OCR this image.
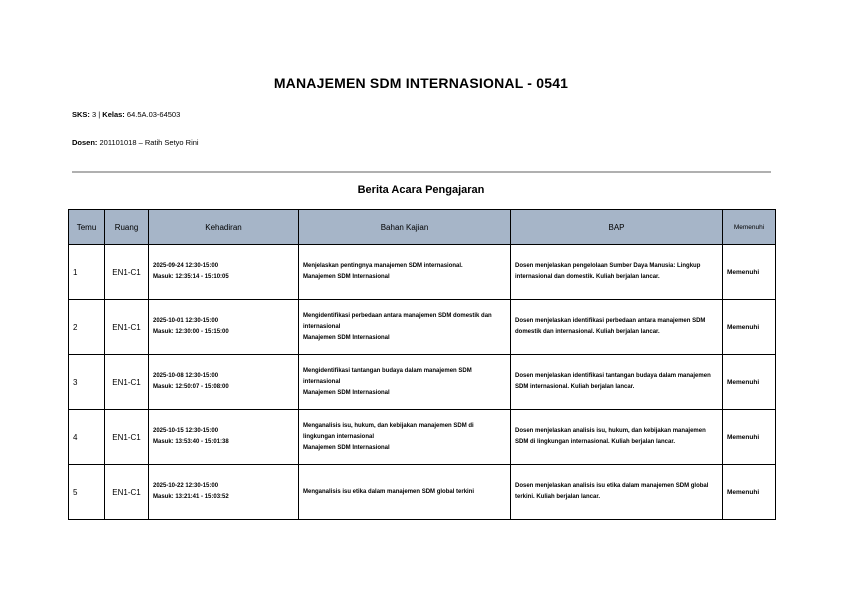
MANAJEMEN SDM INTERNASIONAL - 0541
SKS: 3 | Kelas: 64.5A.03-64503
Dosen: 201101018 – Ratih Setyo Rini
Berita Acara Pengajaran
Temu	Ruang	Kehadiran	Bahan Kajian	BAP	Memenuhi
1	EN1-C1	2025-09-24 12:30-15:00
Masuk: 12:35:14 - 15:10:05	Menjelaskan pentingnya manajemen SDM internasional.
Manajemen SDM Internasional	Dosen menjelaskan pengelolaan Sumber Daya Manusia: Lingkup internasional dan domestik. Kuliah berjalan lancar.	Memenuhi
2	EN1-C1	2025-10-01 12:30-15:00
Masuk: 12:30:00 - 15:15:00	Mengidentifikasi perbedaan antara manajemen SDM domestik dan internasional
Manajemen SDM Internasional	Dosen menjelaskan identifikasi perbedaan antara manajemen SDM domestik dan internasional. Kuliah berjalan lancar.	Memenuhi
3	EN1-C1	2025-10-08 12:30-15:00
Masuk: 12:50:07 - 15:08:00	Mengidentifikasi tantangan budaya dalam manajemen SDM internasional
Manajemen SDM Internasional	Dosen menjelaskan identifikasi tantangan budaya dalam manajemen SDM internasional. Kuliah berjalan lancar.	Memenuhi
4	EN1-C1	2025-10-15 12:30-15:00
Masuk: 13:53:40 - 15:01:38	Menganalisis isu, hukum, dan kebijakan manajemen SDM di lingkungan internasional
Manajemen SDM Internasional	Dosen menjelaskan analisis isu, hukum, dan kebijakan manajemen SDM di lingkungan internasional. Kuliah berjalan lancar.	Memenuhi
5	EN1-C1	2025-10-22 12:30-15:00
Masuk: 13:21:41 - 15:03:52	Menganalisis isu etika dalam manajemen SDM global terkini	Dosen menjelaskan analisis isu etika dalam manajemen SDM global terkini. Kuliah berjalan lancar.	Memenuhi
